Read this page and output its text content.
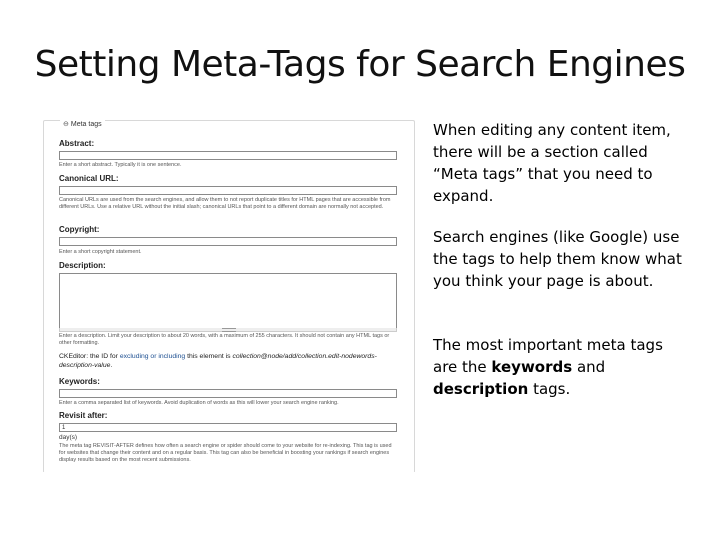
Setting Meta-Tags for Search Engines
⊖ Meta tags
Abstract:
Enter a short abstract. Typically it is one sentence.
Canonical URL:
Canonical URLs are used from the search engines, and allow them to not report duplicate titles for HTML pages that are accessible from different URLs. Use a relative URL without the initial slash; canonical URLs that point to a different domain are normally not accepted.
Copyright:
Enter a short copyright statement.
Description:
Enter a description. Limit your description to about 20 words, with a maximum of 255 characters. It should not contain any HTML tags or other formatting.
CKEditor: the ID for excluding or including this element is collection@node/add/collection.edit-nodewords-description-value.
Keywords:
Enter a comma separated list of keywords. Avoid duplication of words as this will lower your search engine ranking.
Revisit after:
1
day(s)
The meta tag REVISIT-AFTER defines how often a search engine or spider should come to your website for re-indexing. This tag is used for websites that change their content and on a regular basis. This tag can also be beneficial in boosting your rankings if search engines display results based on the most recent submissions.
When editing any content item, there will be a section called “Meta tags” that you need to expand.
Search engines (like Google) use the tags to help them know what you think your page is about.
The most important meta tags are the keywords and description tags.
